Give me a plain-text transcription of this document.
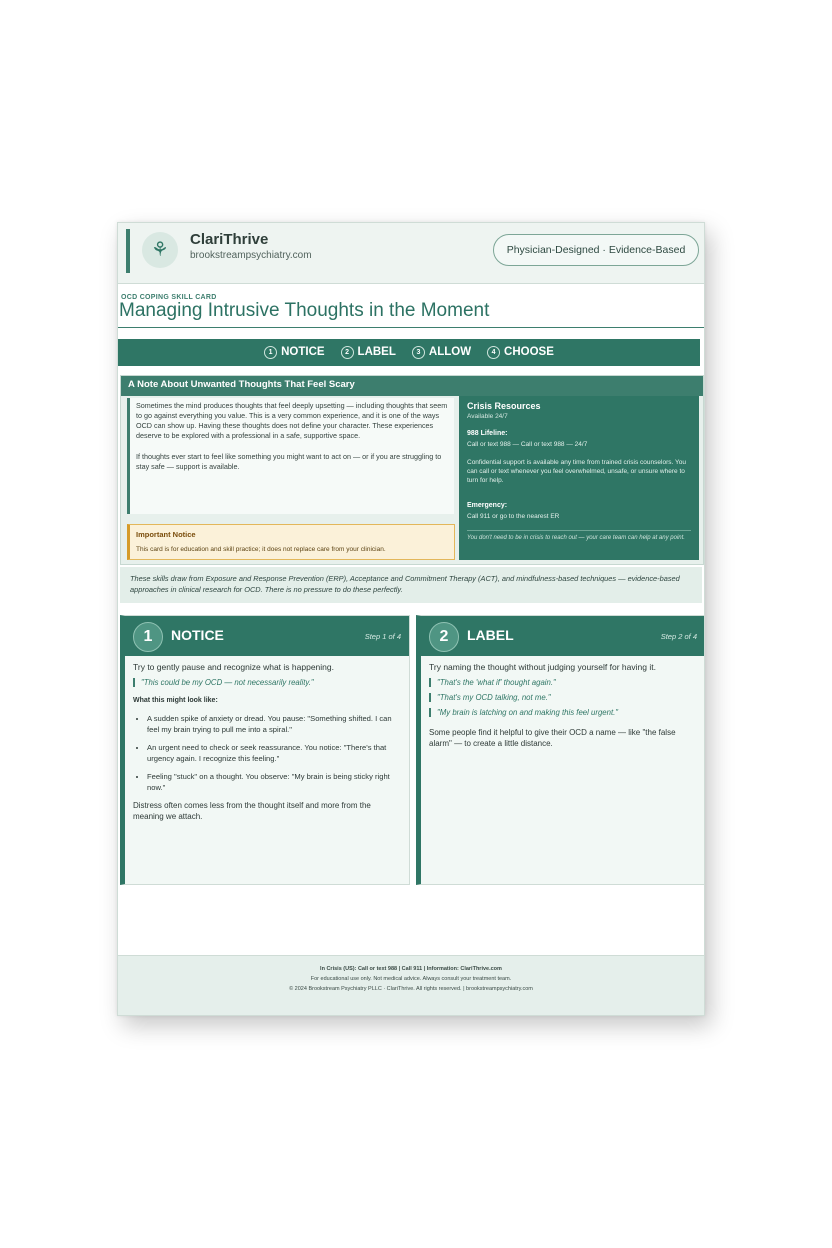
⚘	ClariThrive
brookstreampsychiatry.com	Physician-Designed · Evidence-Based
OCD COPING SKILL CARD
Managing Intrusive Thoughts in the Moment
1 NOTICE	2 LABEL	3 ALLOW	4 CHOOSE
A Note About Unwanted Thoughts That Feel Scary

Sometimes the mind produces thoughts that feel deeply upsetting — including thoughts that seem to go against everything you value. This is a very common experience, and it is one of the ways OCD can show up. Having these thoughts does not define your character. These experiences deserve to be explored with a professional in a safe, supportive space.

If thoughts ever start to feel like something you might want to act on — or if you are struggling to stay safe — support is available.

Important Notice
This card is for education and skill practice; it does not replace care from your clinician.
Crisis Resources
Available 24/7
988 Lifeline:
Call or text 988 — Call or text 988 — 24/7
Confidential support is available any time from trained crisis counselors. You can call or text whenever you feel overwhelmed, unsafe, or unsure where to turn for help.
Emergency:
Call 911 or go to the nearest ER
You don't need to be in crisis to reach out — your care team can help at any point.

These skills draw from Exposure and Response Prevention (ERP), Acceptance and Commitment Therapy (ACT), and mindfulness-based techniques — evidence-based approaches in clinical research for OCD. There is no pressure to do these perfectly.

1	NOTICE	Step 1 of 4
Try to gently pause and recognize what is happening.
"This could be my OCD — not necessarily reality."
What this might look like:
• A sudden spike of anxiety or dread. You pause: "Something shifted. I can feel my brain trying to pull me into a spiral."
• An urgent need to check or seek reassurance. You notice: "There's that urgency again. I recognize this feeling."
• Feeling "stuck" on a thought. You observe: "My brain is being sticky right now."
Distress often comes less from the thought itself and more from the meaning we attach.
2	LABEL	Step 2 of 4
Try naming the thought without judging yourself for having it.
"That's the 'what if' thought again."
"That's my OCD talking, not me."
"My brain is latching on and making this feel urgent."
Some people find it helpful to give their OCD a name — like "the false alarm" — to create a little distance.
In Crisis (US): Call or text 988 | Call 911 | Information: ClariThrive.com
For educational use only. Not medical advice. Always consult your treatment team.
© 2024 Brookstream Psychiatry PLLC · ClariThrive. All rights reserved. | brookstreampsychiatry.com
